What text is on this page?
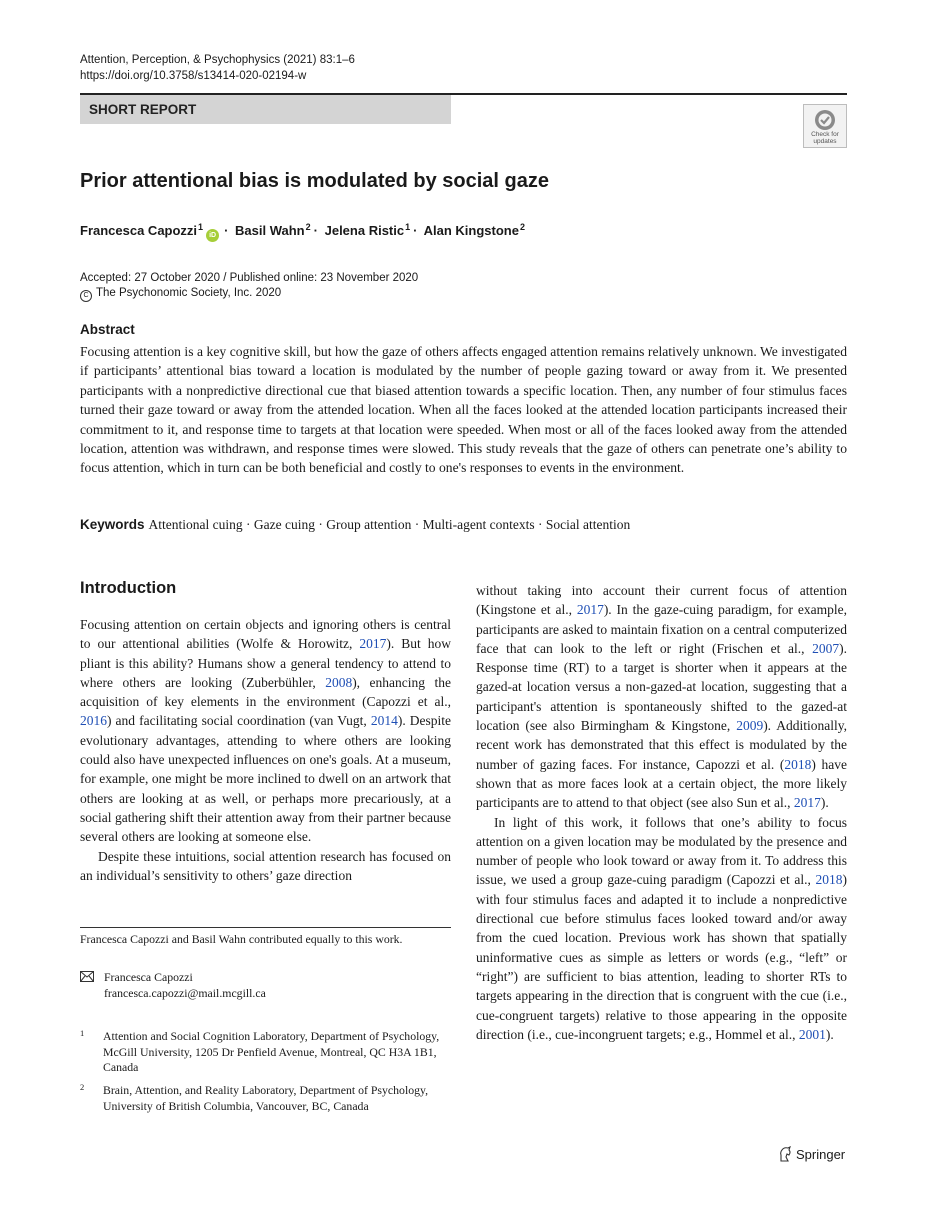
Attention, Perception, & Psychophysics (2021) 83:1–6
https://doi.org/10.3758/s13414-020-02194-w
SHORT REPORT
Check for
updates
Prior attentional bias is modulated by social gaze
Francesca Capozzi$^1$iD · Basil Wahn$^2$ · Jelena Ristic$^1$ · Alan Kingstone$^2$
Accepted: 27 October 2020 / Published online: 23 November 2020
C The Psychonomic Society, Inc. 2020
Abstract

Focusing attention is a key cognitive skill, but how the gaze of others affects engaged attention remains relatively unknown. We investigated if participants’ attentional bias toward a location is modulated by the number of people gazing toward or away from it. We presented participants with a nonpredictive directional cue that biased attention towards a specific location. Then, any number of four stimulus faces turned their gaze toward or away from the attended location. When all the faces looked at the attended location participants increased their commitment to it, and response time to targets at that location were speeded. When most or all of the faces looked away from the attended location, attention was withdrawn, and response times were slowed. This study reveals that the gaze of others can penetrate one’s ability to focus attention, which in turn can be both beneficial and costly to one's responses to events in the environment.

Keywords Attentional cuing · Gaze cuing · Group attention · Multi-agent contexts · Social attention
Introduction

Focusing attention on certain objects and ignoring others is central to our attentional abilities (Wolfe & Horowitz, 2017). But how pliant is this ability? Humans show a general tendency to attend to where others are looking (Zuberbühler, 2008), enhancing the acquisition of key elements in the environment (Capozzi et al., 2016) and facilitating social coordination (van Vugt, 2014). Despite evolutionary advantages, attending to where others are looking could also have unexpected influences on one's goals. At a museum, for example, one might be more inclined to dwell on an artwork that others are looking at as well, or perhaps more precariously, at a social gathering shift their attention away from their partner because several others are looking at someone else.

Despite these intuitions, social attention research has focused on an individual’s sensitivity to others’ gaze direction

Francesca Capozzi and Basil Wahn contributed equally to this work.
Francesca Capozzi
francesca.capozzi@mail.mcgill.ca
1 Attention and Social Cognition Laboratory, Department of Psychology, McGill University, 1205 Dr Penfield Avenue, Montreal, QC H3A 1B1, Canada
2 Brain, Attention, and Reality Laboratory, Department of Psychology, University of British Columbia, Vancouver, BC, Canada

without taking into account their current focus of attention (Kingstone et al., 2017). In the gaze-cuing paradigm, for example, participants are asked to maintain fixation on a central computerized face that can look to the left or right (Frischen et al., 2007). Response time (RT) to a target is shorter when it appears at the gazed-at location versus a non-gazed-at location, suggesting that a participant's attention is spontaneously shifted to the gazed-at location (see also Birmingham & Kingstone, 2009). Additionally, recent work has demonstrated that this effect is modulated by the number of gazing faces. For instance, Capozzi et al. (2018) have shown that as more faces look at a certain object, the more likely participants are to attend to that object (see also Sun et al., 2017).

In light of this work, it follows that one’s ability to focus attention on a given location may be modulated by the presence and number of people who look toward or away from it. To address this issue, we used a group gaze-cuing paradigm (Capozzi et al., 2018) with four stimulus faces and adapted it to include a nonpredictive directional cue before stimulus faces looked toward and/or away from the cued location. Previous work has shown that spatially uninformative cues as simple as letters or words (e.g., “left” or “right”) are sufficient to bias attention, leading to shorter RTs to targets appearing in the direction that is congruent with the cue (i.e., cue-congruent targets) relative to those appearing in the opposite direction (i.e., cue-incongruent targets; e.g., Hommel et al., 2001).

Springer
